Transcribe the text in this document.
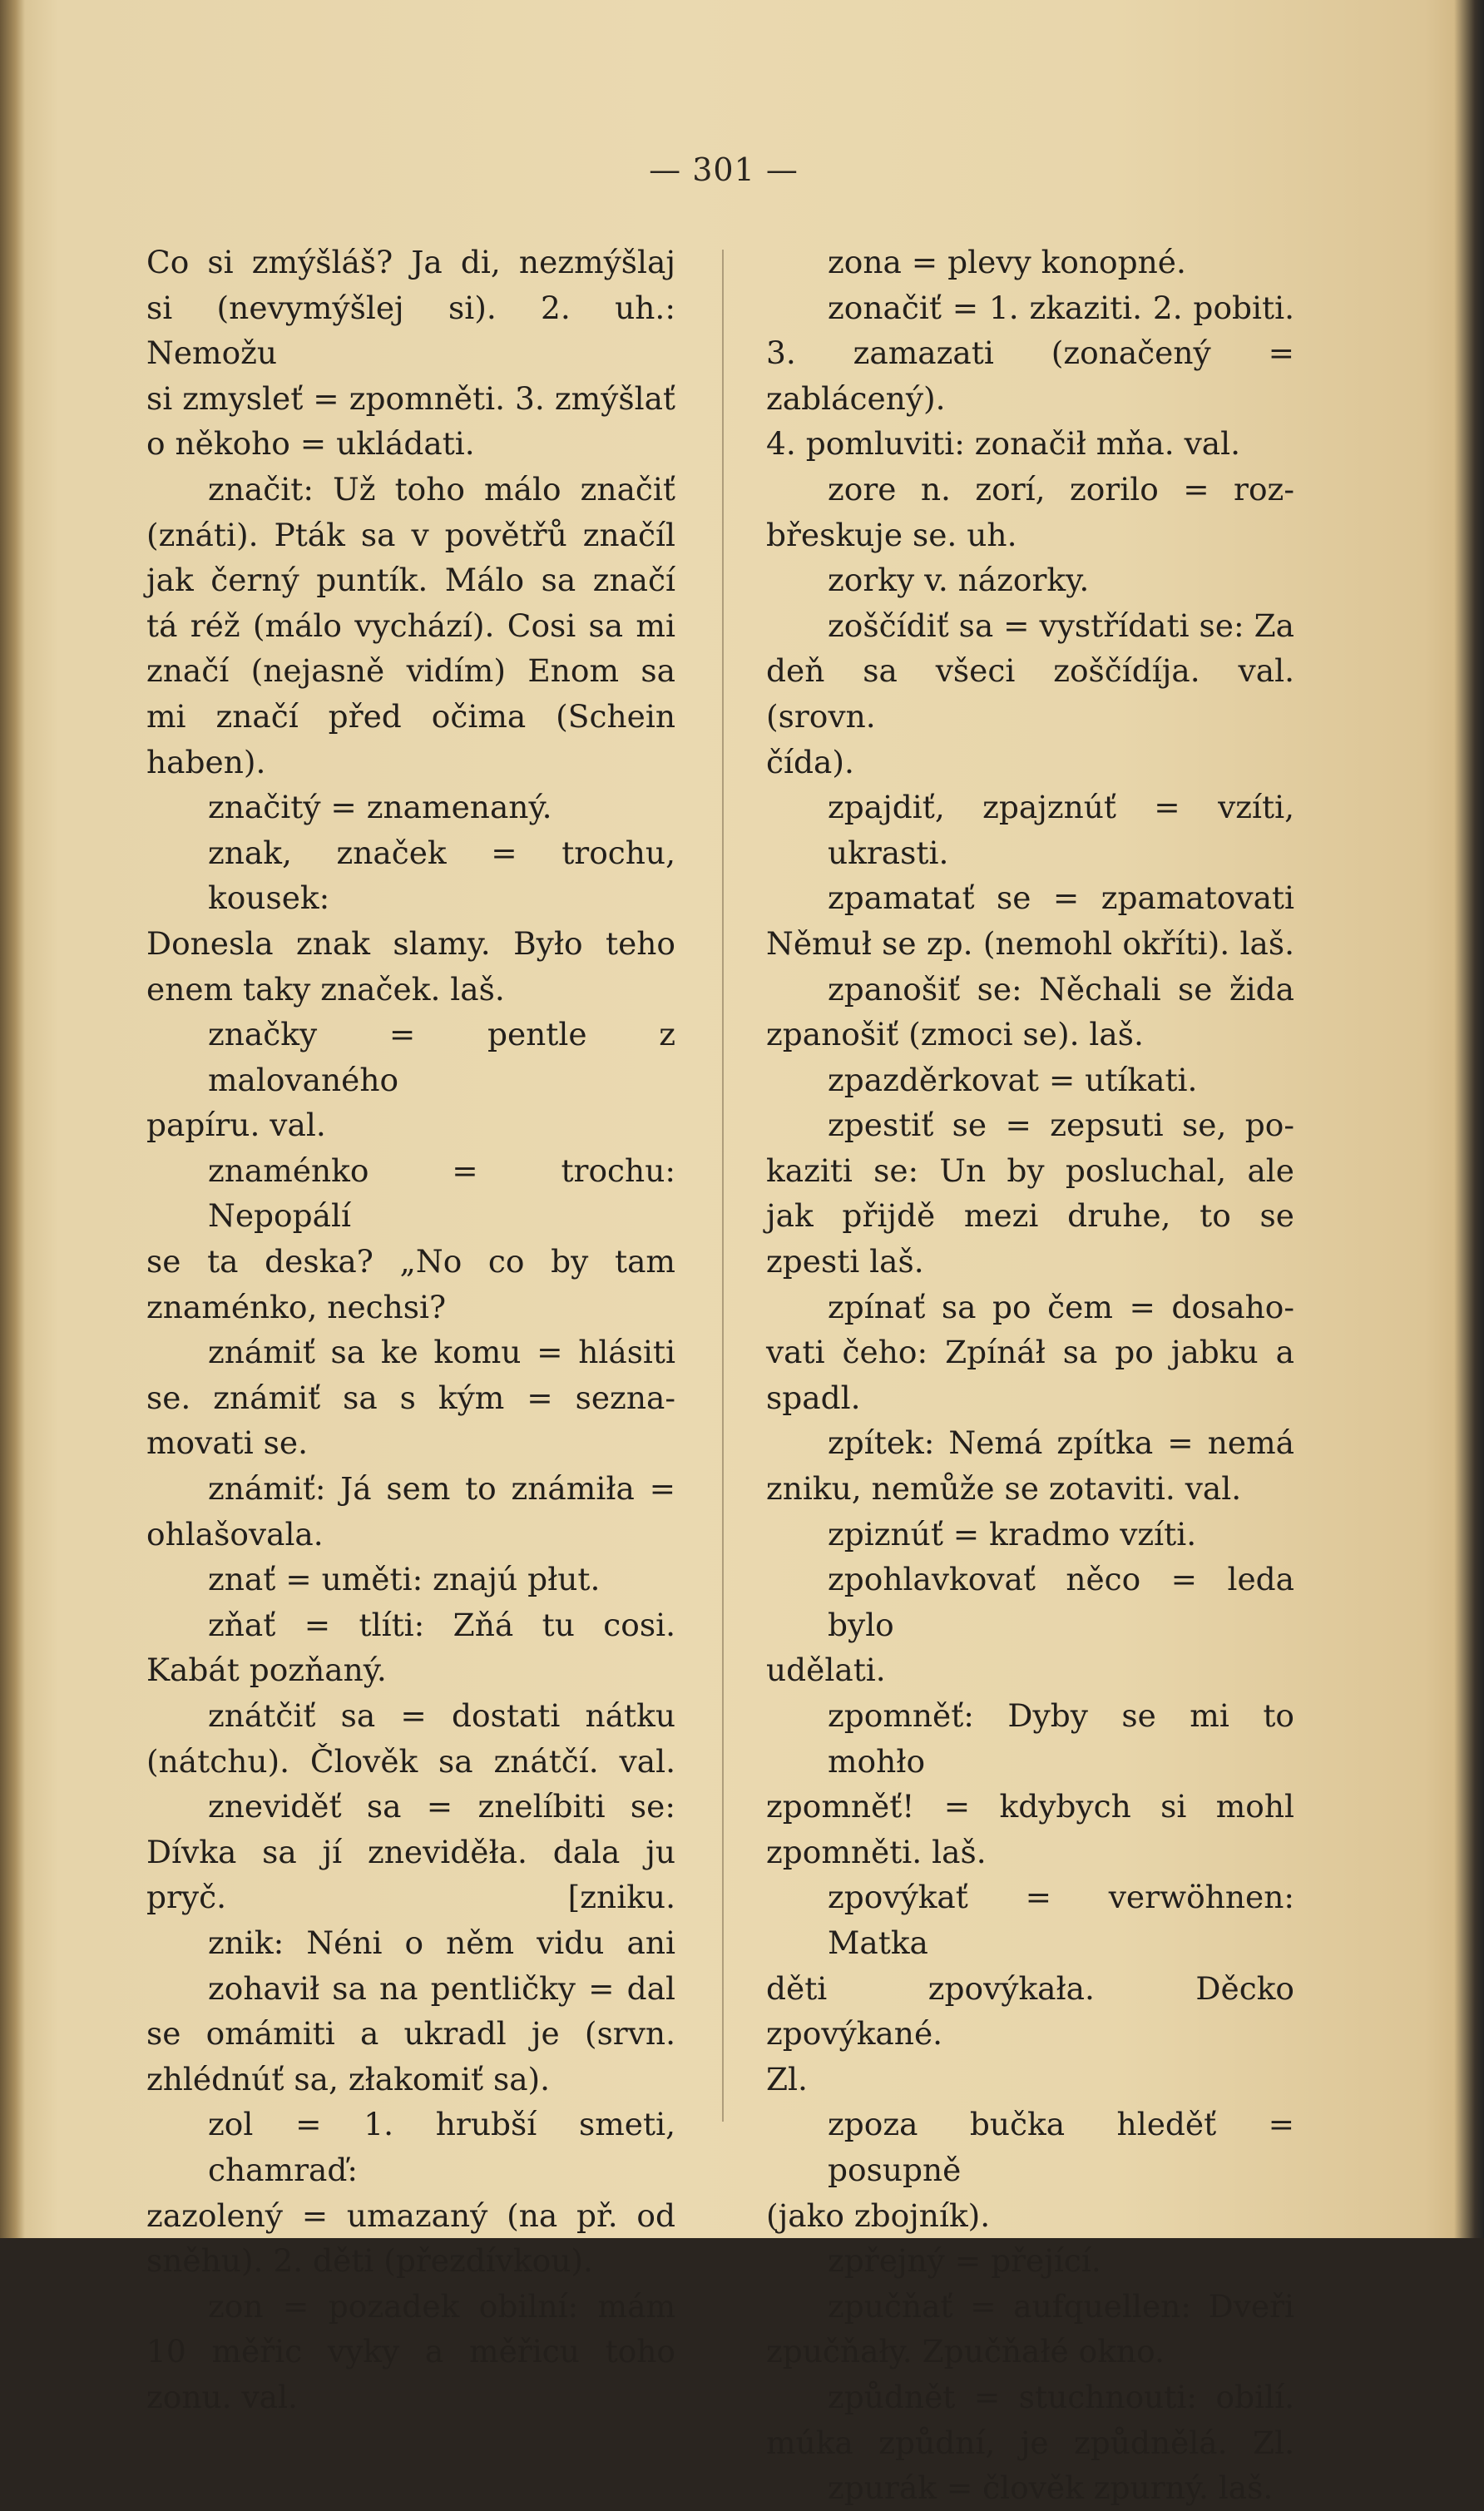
— 301 —
Co si zmýšláš? Ja di, nezmýšlaj
si (nevymýšlej si). 2. uh.: Nemožu
si zmysleť = zpomněti. 3. zmýšlať
o někoho = ukládati.
značit: Už toho málo značiť
(znáti). Pták sa v povětřů značíl
jak černý puntík. Málo sa značí
tá réž (málo vychází). Cosi sa mi
značí (nejasně vidím) Enom sa
mi značí před očima (Schein haben).
značitý = znamenaný.
znak, značek = trochu, kousek:
Donesla znak slamy. Było teho
enem taky značek. laš.
značky = pentle z malovaného
papíru. val.
znaménko = trochu: Nepopálí
se ta deska? „No co by tam
znaménko, nechsi?
známiť sa ke komu = hlásiti
se. známiť sa s kým = sezna-
movati se.
známiť: Já sem to známiła =
ohlašovala.
znať = uměti: znajú płut.
zňať = tlíti: Zňá tu cosi.
Kabát pozňaný.
znátčiť sa = dostati nátku
(nátchu). Člověk sa znátčí. val.
zneviděť sa = znelíbiti se:
Dívka sa jí zneviděła. dala ju
pryč. [zniku.
znik: Néni o něm vidu ani
zohavił sa na pentličky = dal
se omámiti a ukradl je (srvn.
zhlédnúť sa, złakomiť sa).
zol = 1. hrubší smeti, chamraď:
zazolený = umazaný (na př. od
sněhu). 2. děti (přezdívkou).
zon = pozadek obilní: mám
10 měřic vyky a měřicu toho
zonu. val.
zona = plevy konopné.
zonačiť = 1. zkaziti. 2. pobiti.
3. zamazati (zonačený = zablácený).
4. pomluviti: zonačił mňa. val.
zore n. zorí, zorilo = roz-
břeskuje se. uh.
zorky v. názorky.
zoščídiť sa = vystřídati se: Za
deň sa všeci zoščídíja. val. (srovn.
čída).
zpajdiť, zpajznúť = vzíti, ukrasti.
zpamatať se = zpamatovati
Němuł se zp. (nemohl okříti). laš.
zpanošiť se: Něchali se žida
zpanošiť (zmoci se). laš.
zpazděrkovat = utíkati.
zpestiť se = zepsuti se, po-
kaziti se: Un by posluchal, ale
jak přijdě mezi druhe, to se
zpesti laš.
zpínať sa po čem = dosaho-
vati čeho: Zpínáł sa po jabku a
spadl.
zpítek: Nemá zpítka = nemá
zniku, nemůže se zotaviti. val.
zpiznúť = kradmo vzíti.
zpohlavkovať něco = leda bylo
udělati.
zpomněť: Dyby se mi to mohło
zpomněť! = kdybych si mohl
zpomněti. laš.
zpovýkať = verwöhnen: Matka
děti zpovýkała. Děcko zpovýkané.
Zl.
zpoza bučka hleděť = posupně
(jako zbojník).
zpřejný = přející.
zpučňať = aufquellen: Dveři
zpučňały. Zpučňałé okno.
způdnět = stuchnouti: obilí.
múka způdní, je způdnělá. Zl.
zpurák = člověk zpurný. laš.
